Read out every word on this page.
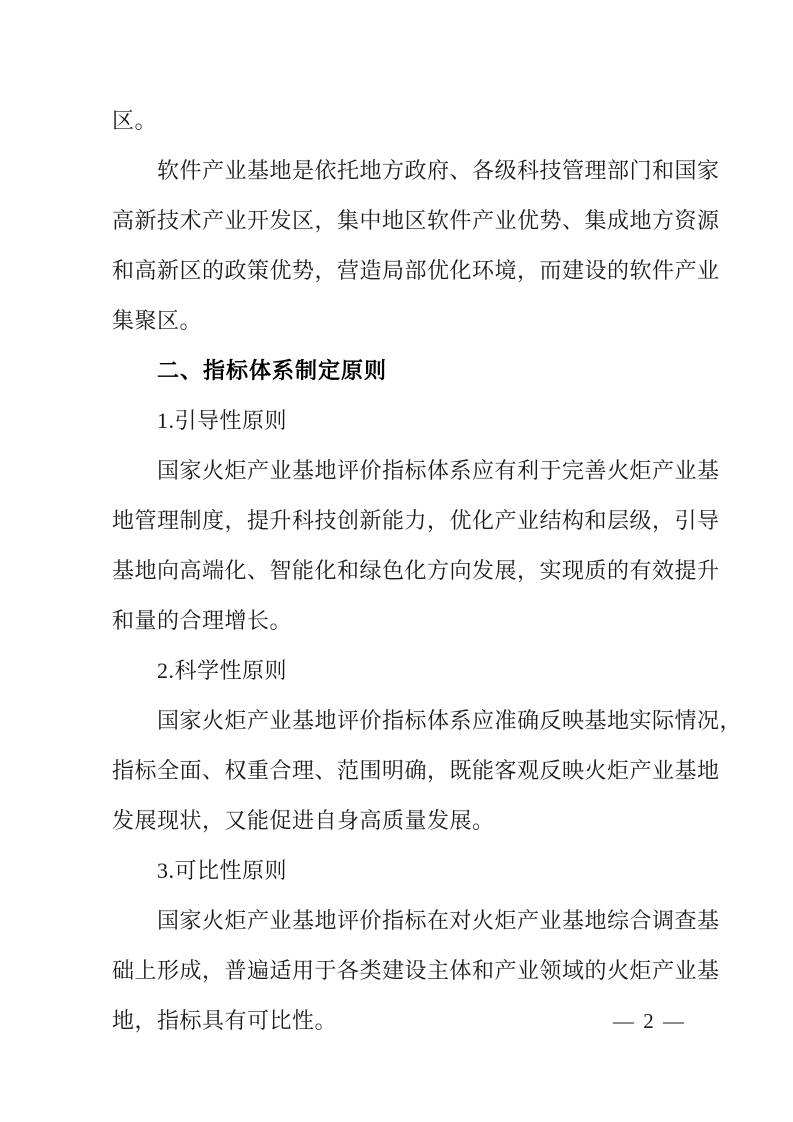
区。
软件产业基地是依托地方政府、各级科技管理部门和国家
高新技术产业开发区，集中地区软件产业优势、集成地方资源
和高新区的政策优势，营造局部优化环境，而建设的软件产业
集聚区。
二、指标体系制定原则
1.引导性原则
国家火炬产业基地评价指标体系应有利于完善火炬产业基
地管理制度，提升科技创新能力，优化产业结构和层级，引导
基地向高端化、智能化和绿色化方向发展，实现质的有效提升
和量的合理增长。
2.科学性原则
国家火炬产业基地评价指标体系应准确反映基地实际情况，
指标全面、权重合理、范围明确，既能客观反映火炬产业基地
发展现状，又能促进自身高质量发展。
3.可比性原则
国家火炬产业基地评价指标在对火炬产业基地综合调查基
础上形成，普遍适用于各类建设主体和产业领域的火炬产业基
地，指标具有可比性。	— 2 —
